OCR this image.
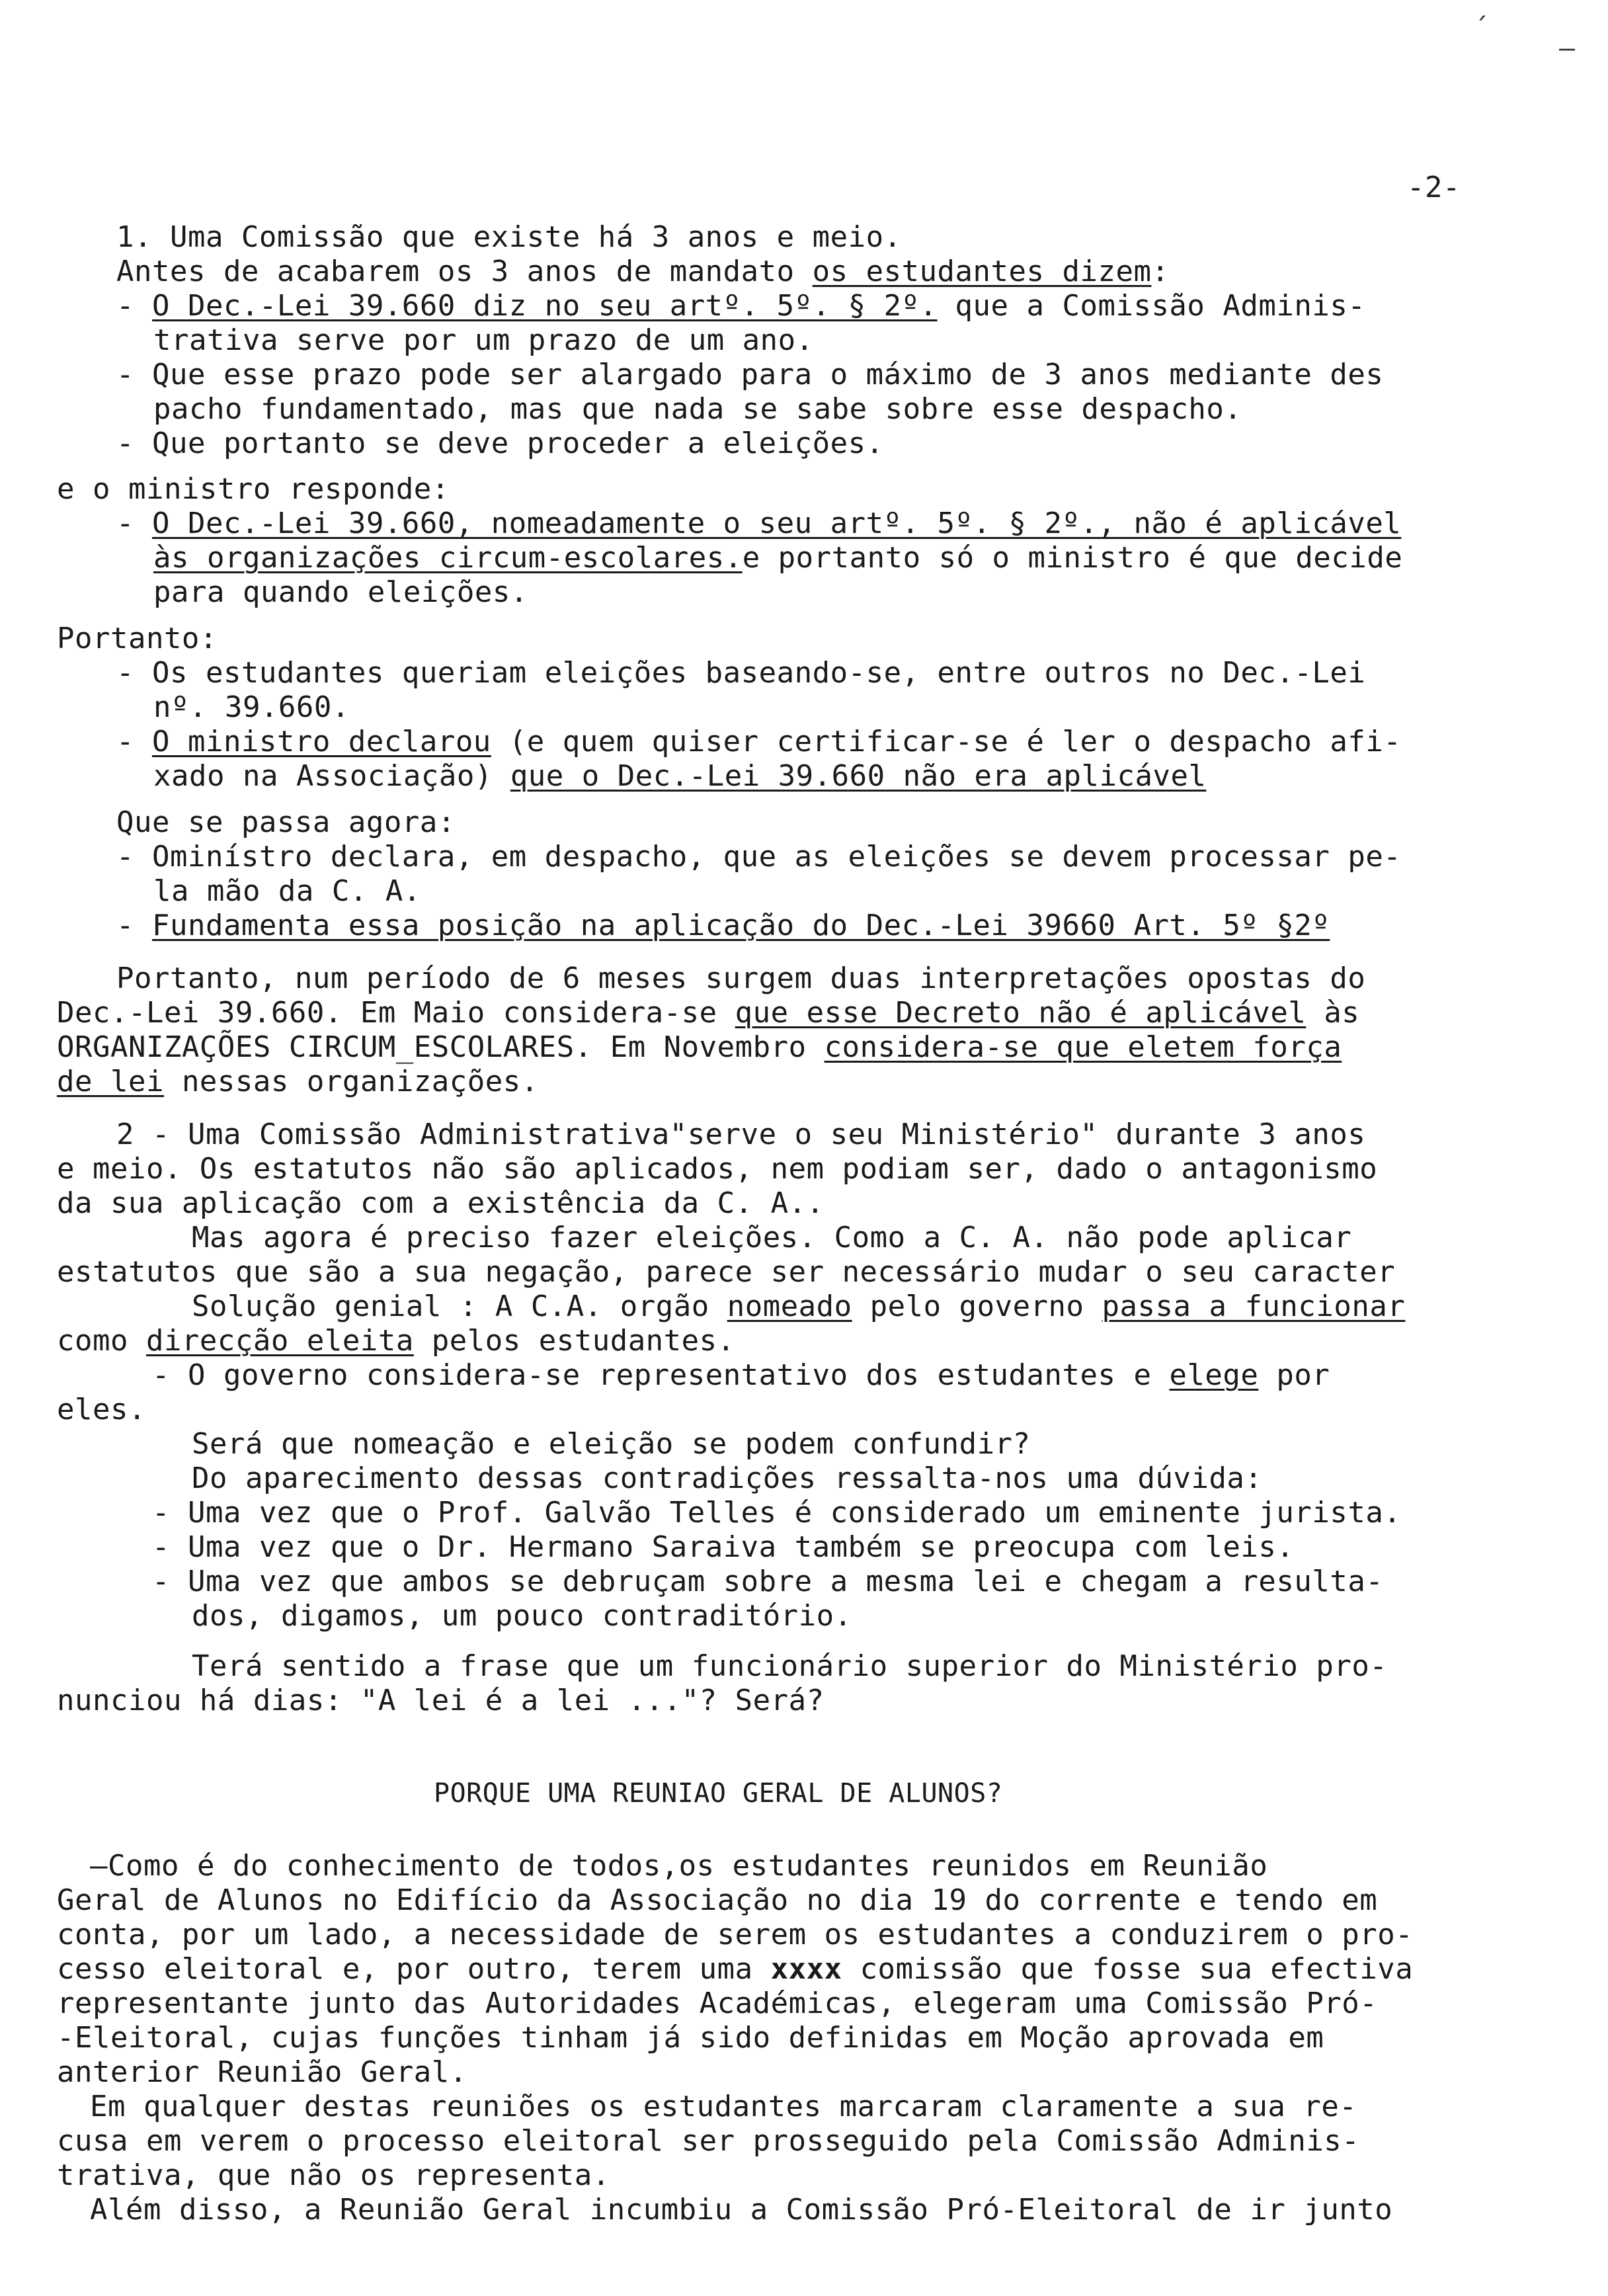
´
–
-2-
1. Uma Comissão que existe há 3 anos e meio.
Antes de acabarem os 3 anos de mandato os estudantes dizem:
- O Dec.-Lei 39.660 diz no seu artº. 5º. § 2º. que a Comissão Adminis-
trativa serve por um prazo de um ano.
- Que esse prazo pode ser alargado para o máximo de 3 anos mediante des
pacho fundamentado, mas que nada se sabe sobre esse despacho.
- Que portanto se deve proceder a eleições.
e o ministro responde:
- O Dec.-Lei 39.660, nomeadamente o seu artº. 5º. § 2º., não é aplicável
às organizações circum-escolares.e portanto só o ministro é que decide
para quando eleições.
Portanto:
- Os estudantes queriam eleições baseando-se, entre outros no Dec.-Lei
nº. 39.660.
- O ministro declarou (e quem quiser certificar-se é ler o despacho afi-
xado na Associação) que o Dec.-Lei 39.660 não era aplicável
Que se passa agora:
- Ominístro declara, em despacho, que as eleições se devem processar pe-
la mão da C. A.
- Fundamenta essa posição na aplicação do Dec.-Lei 39660 Art. 5º §2º
Portanto, num período de 6 meses surgem duas interpretações opostas do
Dec.-Lei 39.660. Em Maio considera-se que esse Decreto não é aplicável às
ORGANIZAÇÕES CIRCUM_ESCOLARES. Em Novembro considera-se que eletem força
de lei nessas organizações.
2 - Uma Comissão Administrativa"serve o seu Ministério" durante 3 anos
e meio. Os estatutos não são aplicados, nem podiam ser, dado o antagonismo
da sua aplicação com a existência da C. A..
Mas agora é preciso fazer eleições. Como a C. A. não pode aplicar
estatutos que são a sua negação, parece ser necessário mudar o seu caracter
Solução genial : A C.A. orgão nomeado pelo governo passa a funcionar
como direcção eleita pelos estudantes.
- O governo considera-se representativo dos estudantes e elege por
eles.
Será que nomeação e eleição se podem confundir?
Do aparecimento dessas contradições ressalta-nos uma dúvida:
- Uma vez que o Prof. Galvão Telles é considerado um eminente jurista.
- Uma vez que o Dr. Hermano Saraiva também se preocupa com leis.
- Uma vez que ambos se debruçam sobre a mesma lei e chegam a resulta-
dos, digamos, um pouco contraditório.
Terá sentido a frase que um funcionário superior do Ministério pro-
nunciou há dias: "A lei é a lei ..."? Será?
PORQUE UMA REUNIAO GERAL DE ALUNOS?
—Como é do conhecimento de todos,os estudantes reunidos em Reunião
Geral de Alunos no Edifício da Associação no dia 19 do corrente e tendo em
conta, por um lado, a necessidade de serem os estudantes a conduzirem o pro-
cesso eleitoral e, por outro, terem uma xxxx comissão que fosse sua efectiva
representante junto das Autoridades Académicas, elegeram uma Comissão Pró-
-Eleitoral, cujas funções tinham já sido definidas em Moção aprovada em
anterior Reunião Geral.
Em qualquer destas reuniões os estudantes marcaram claramente a sua re-
cusa em verem o processo eleitoral ser prosseguido pela Comissão Adminis-
trativa, que não os representa.
Além disso, a Reunião Geral incumbiu a Comissão Pró-Eleitoral de ir junto
